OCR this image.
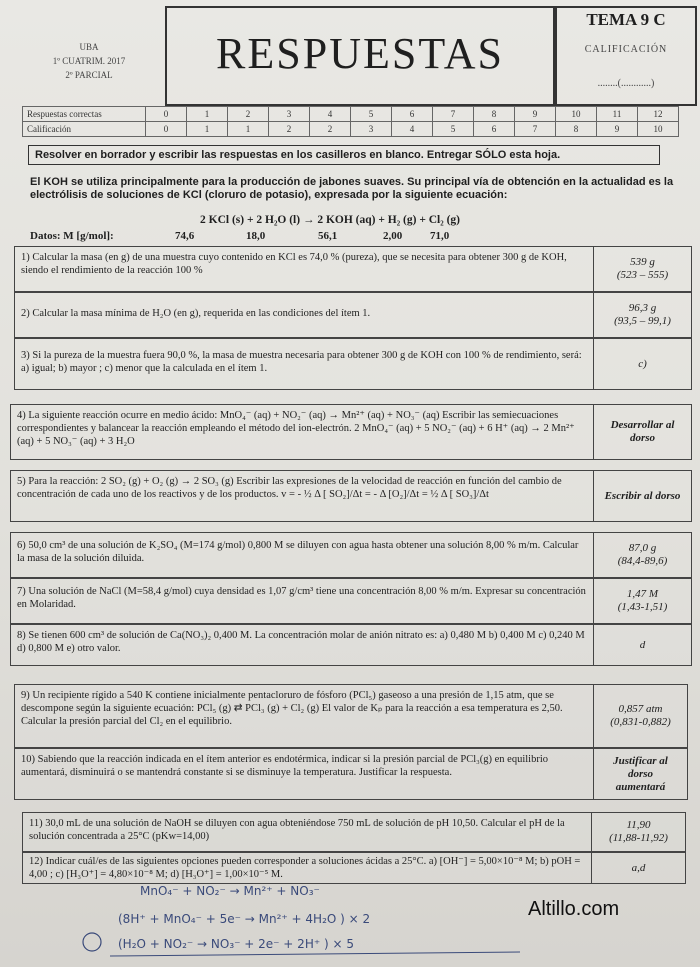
UBA
1º CUATRIM. 2017
2º PARCIAL	RESPUESTAS
TEMA 9 C
CALIFICACIÓN
........(............)
Respuestas correctas	0	1	2	3	4	5	6	7	8	9	10	11	12
Calificación	0	1	1	2	2	3	4	5	6	7	8	9	10
Resolver en borrador y escribir las respuestas en los casilleros en blanco. Entregar SÓLO esta hoja.
El KOH se utiliza principalmente para la producción de jabones suaves. Su principal vía de obtención en la actualidad es la electrólisis de soluciones de KCl (cloruro de potasio), expresada por la siguiente ecuación:
2 KCl (s) + 2 H₂O (l) → 2 KOH (aq) + H₂ (g) + Cl₂ (g)
Datos: M [g/mol]:	74,6	18,0	56,1	2,00	71,0
1) Calcular la masa (en g) de una muestra cuyo contenido en KCl es 74,0 % (pureza), que se necesita para obtener 300 g de KOH, siendo el rendimiento de la reacción 100 %
539 g
(523 – 555)
2) Calcular la masa mínima de H₂O (en g), requerida en las condiciones del ítem 1.	96,3 g
(93,5 – 99,1)
3) Si la pureza de la muestra fuera 90,0 %, la masa de muestra necesaria para obtener 300 g de KOH con 100 % de rendimiento, será: a) igual; b) mayor ; c) menor que la calculada en el ítem 1.	c)
4) La siguiente reacción ocurre en medio ácido: MnO₄⁻ (aq) + NO₂⁻ (aq) → Mn²⁺ (aq) + NO₃⁻ (aq) Escribir las semiecuaciones correspondientes y balancear la reacción empleando el método del ion-electrón. 2 MnO₄⁻ (aq) + 5 NO₂⁻ (aq) + 6 H⁺ (aq) → 2 Mn²⁺ (aq) + 5 NO₃⁻ (aq) + 3 H₂O
Desarrollar al
dorso
5) Para la reacción: 2 SO₂ (g) + O₂ (g) → 2 SO₃ (g) Escribir las expresiones de la velocidad de reacción en función del cambio de concentración de cada uno de los reactivos y de los productos. v = - ½ Δ [ SO₂]/Δt = - Δ [O₂]/Δt = ½ Δ [ SO₃]/Δt	Escribir al dorso
6) 50,0 cm³ de una solución de K₂SO₄ (M=174 g/mol) 0,800 M se diluyen con agua hasta obtener una solución 8,00 % m/m. Calcular la masa de la solución diluida.
87,0 g
(84,4-89,6)
7) Una solución de NaCl (M=58,4 g/mol) cuya densidad es 1,07 g/cm³ tiene una concentración 8,00 % m/m. Expresar su concentración en Molaridad.
1,47 M
(1,43-1,51)
8) Se tienen 600 cm³ de solución de Ca(NO₃)₂ 0,400 M. La concentración molar de anión nitrato es: a) 0,480 M b) 0,400 M c) 0,240 M d) 0,800 M e) otro valor.	d
9) Un recipiente rígido a 540 K contiene inicialmente pentacloruro de fósforo (PCl₅) gaseoso a una presión de 1,15 atm, que se descompone según la siguiente ecuación: PCl₅ (g) ⇄ PCl₃ (g) + Cl₂ (g) El valor de Kₚ para la reacción a esa temperatura es 2,50. Calcular la presión parcial del Cl₂ en el equilibrio.
0,857 atm
(0,831-0,882)
10) Sabiendo que la reacción indicada en el ítem anterior es endotérmica, indicar si la presión parcial de PCl₃(g) en equilibrio aumentará, disminuirá o se mantendrá constante si se disminuye la temperatura. Justificar la respuesta.
Justificar al
dorso
aumentará
11) 30,0 mL de una solución de NaOH se diluyen con agua obteniéndose 750 mL de solución de pH 10,50. Calcular el pH de la solución concentrada a 25°C (pKw=14,00)
11,90
(11,88-11,92)
12) Indicar cuál/es de las siguientes opciones pueden corresponder a soluciones ácidas a 25°C. a) [OH⁻] = 5,00×10⁻⁸ M; b) pOH = 4,00 ; c) [H₃O⁺] = 4,80×10⁻⁸ M; d) [H₃O⁺] = 1,00×10⁻⁵ M.
a,d
MnO₄⁻ + NO₂⁻ → Mn²⁺ + NO₃⁻
(8H⁺ + MnO₄⁻ + 5e⁻ → Mn²⁺ + 4H₂O ) × 2
(H₂O + NO₂⁻ → NO₃⁻ + 2e⁻ + 2H⁺ ) × 5
Altillo.com
